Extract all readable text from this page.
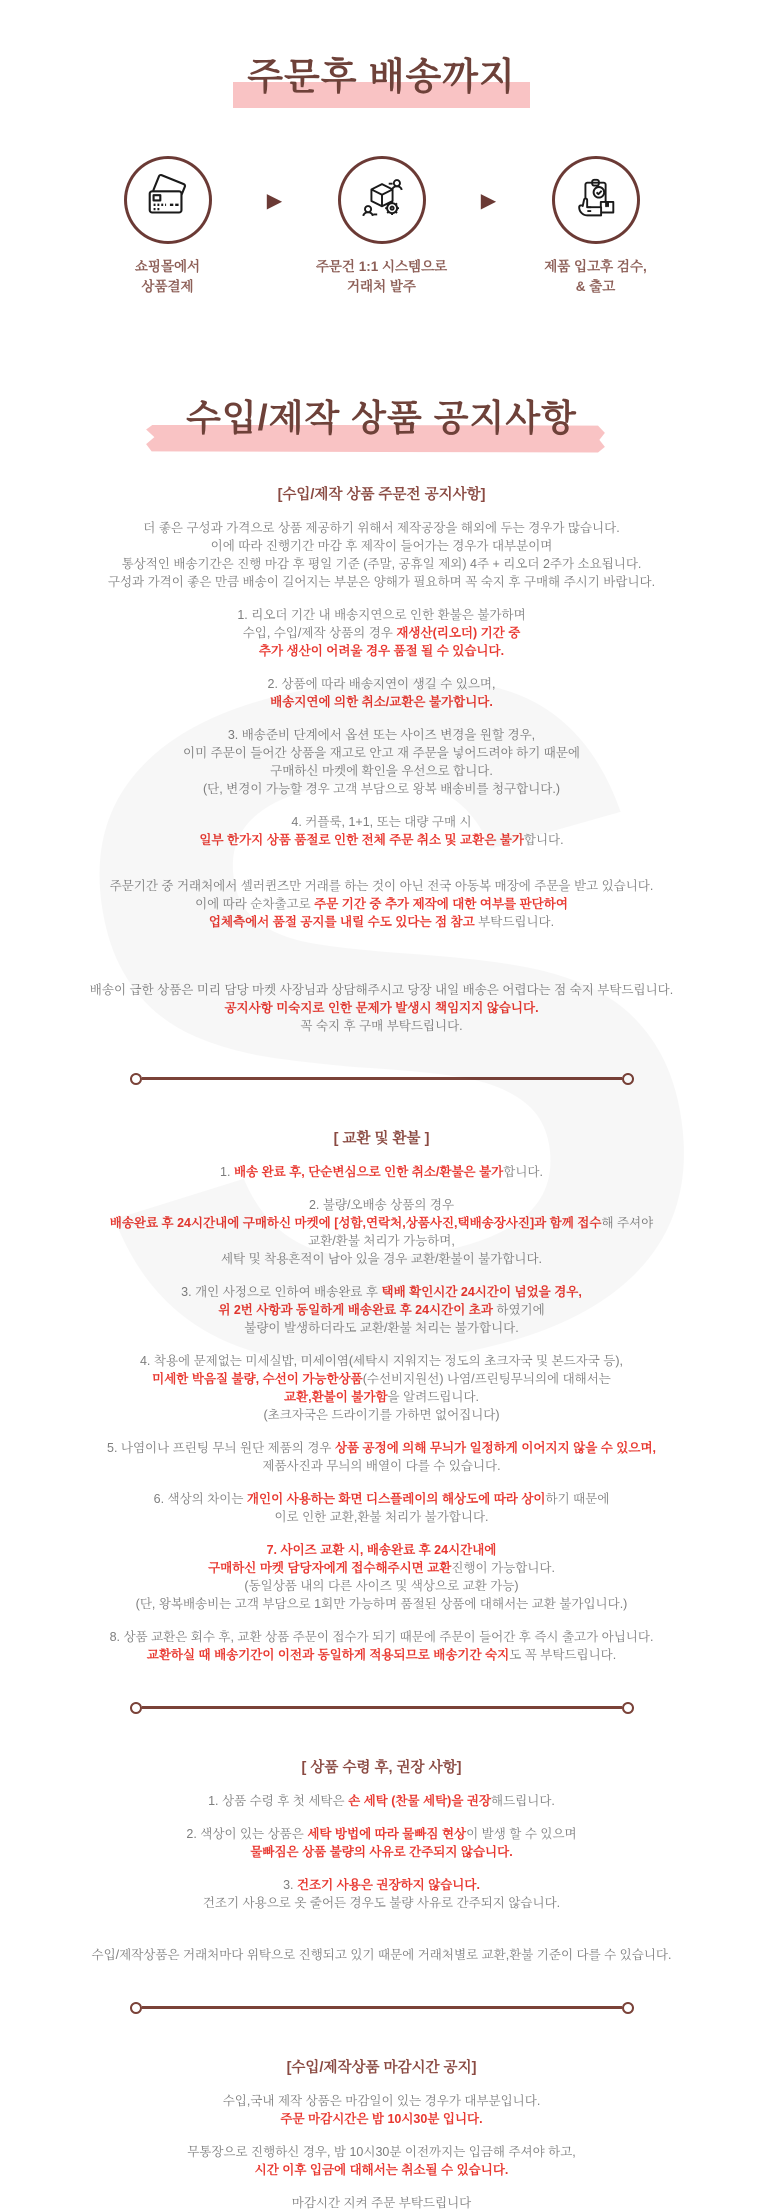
주문후 배송까지
쇼핑몰에서
상품결제
▶
주문건 1:1 시스템으로
거래처 발주
▶
제품 입고후 검수,
& 출고
수입/제작 상품 공지사항
[수입/제작 상품 주문전 공지사항]
더 좋은 구성과 가격으로 상품 제공하기 위해서 제작공장을 해외에 두는 경우가 많습니다.
이에 따라 진행기간 마감 후 제작이 들어가는 경우가 대부분이며
통상적인 배송기간은 진행 마감 후 평일 기준 (주말, 공휴일 제외) 4주 + 리오더 2주가 소요됩니다.
구성과 가격이 좋은 만큼 배송이 길어지는 부분은 양해가 필요하며 꼭 숙지 후 구매해 주시기 바랍니다.
1. 리오더 기간 내 배송지연으로 인한 환불은 불가하며
수입, 수입/제작 상품의 경우 재생산(리오더) 기간 중
추가 생산이 어려울 경우 품절 될 수 있습니다.
2. 상품에 따라 배송지연이 생길 수 있으며,
배송지연에 의한 취소/교환은 불가합니다.
3. 배송준비 단계에서 옵션 또는 사이즈 변경을 원할 경우,
이미 주문이 들어간 상품을 재고로 안고 재 주문을 넣어드려야 하기 때문에
구매하신 마켓에 확인을 우선으로 합니다.
(단, 변경이 가능할 경우 고객 부담으로 왕복 배송비를 청구합니다.)
4. 커플룩, 1+1, 또는 대량 구매 시
일부 한가지 상품 품절로 인한 전체 주문 취소 및 교환은 불가합니다.
주문기간 중 거래처에서 셀러퀸즈만 거래를 하는 것이 아닌 전국 아동복 매장에 주문을 받고 있습니다.
이에 따라 순차출고로 주문 기간 중 추가 제작에 대한 여부를 판단하여
업체측에서 품절 공지를 내릴 수도 있다는 점 참고 부탁드립니다.
배송이 급한 상품은 미리 담당 마켓 사장님과 상담해주시고 당장 내일 배송은 어렵다는 점 숙지 부탁드립니다.
공지사항 미숙지로 인한 문제가 발생시 책임지지 않습니다.
꼭 숙지 후 구매 부탁드립니다.
[ 교환 및 환불 ]
1. 배송 완료 후, 단순변심으로 인한 취소/환불은 불가합니다.
2. 불량/오배송 상품의 경우
배송완료 후 24시간내에 구매하신 마켓에 [성함,연락처,상품사진,택배송장사진]과 함께 접수해 주셔야
교환/환불 처리가 가능하며,
세탁 및 착용흔적이 남아 있을 경우 교환/환불이 불가합니다.
3. 개인 사정으로 인하여 배송완료 후 택배 확인시간 24시간이 넘었을 경우,
위 2번 사항과 동일하게 배송완료 후 24시간이 초과 하였기에
불량이 발생하더라도 교환/환불 처리는 불가합니다.
4. 착용에 문제없는 미세실밥, 미세이염(세탁시 지워지는 정도의 초크자국 및 본드자국 등),
미세한 박음질 불량, 수선이 가능한상품(수선비지원선) 나염/프린팅무늬의에 대해서는
교환,환불이 불가함을 알려드립니다.
(초크자국은 드라이기를 가하면 없어집니다)
5. 나염이나 프린팅 무늬 원단 제품의 경우 상품 공정에 의해 무늬가 일정하게 이어지지 않을 수 있으며,
제품사진과 무늬의 배열이 다를 수 있습니다.
6. 색상의 차이는 개인이 사용하는 화면 디스플레이의 해상도에 따라 상이하기 때문에
이로 인한 교환,환불 처리가 불가합니다.
7. 사이즈 교환 시, 배송완료 후 24시간내에
구매하신 마켓 담당자에게 접수해주시면 교환진행이 가능합니다.
(동일상품 내의 다른 사이즈 및 색상으로 교환 가능)
(단, 왕복배송비는 고객 부담으로 1회만 가능하며 품절된 상품에 대해서는 교환 불가입니다.)
8. 상품 교환은 회수 후, 교환 상품 주문이 접수가 되기 때문에 주문이 들어간 후 즉시 출고가 아닙니다.
교환하실 때 배송기간이 이전과 동일하게 적용되므로 배송기간 숙지도 꼭 부탁드립니다.
[ 상품 수령 후, 권장 사항]
1. 상품 수령 후 첫 세탁은 손 세탁 (찬물 세탁)을 권장해드립니다.
2. 색상이 있는 상품은 세탁 방법에 따라 물빠짐 현상이 발생 할 수 있으며
물빠짐은 상품 불량의 사유로 간주되지 않습니다.
3. 건조기 사용은 권장하지 않습니다.
건조기 사용으로 옷 줄어든 경우도 불량 사유로 간주되지 않습니다.
수입/제작상품은 거래처마다 위탁으로 진행되고 있기 때문에 거래처별로 교환,환불 기준이 다를 수 있습니다.
[수입/제작상품 마감시간 공지]
수입,국내 제작 상품은 마감일이 있는 경우가 대부분입니다.
주문 마감시간은 밤 10시30분 입니다.
무통장으로 진행하신 경우, 밤 10시30분 이전까지는 입금해 주셔야 하고,
시간 이후 입금에 대해서는 취소될 수 있습니다.
마감시간 지켜 주문 부탁드립니다
